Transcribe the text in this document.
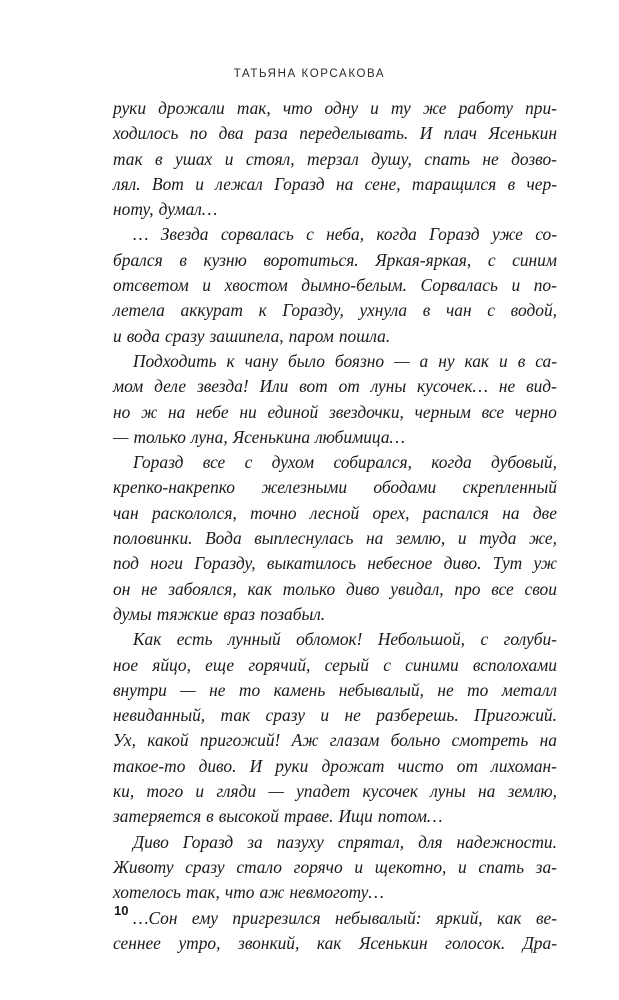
ТАТЬЯНА КОРСАКОВА
руки дрожали так, что одну и ту же работу при-
ходилось по два раза переделывать. И плач Ясенькин
так в ушах и стоял, терзал душу, спать не дозво-
лял. Вот и лежал Горазд на сене, таращился в чер-
ноту, думал…
… Звезда сорвалась с неба, когда Горазд уже со-
брался в кузню воротиться. Яркая-яркая, с синим
отсветом и хвостом дымно-белым. Сорвалась и по-
летела аккурат к Горазду, ухнула в чан с водой,
и вода сразу зашипела, паром пошла.
Подходить к чану было боязно — а ну как и в са-
мом деле звезда! Или вот от луны кусочек… не вид-
но ж на небе ни единой звездочки, черным все черно
— только луна, Ясенькина любимица…
Горазд все с духом собирался, когда дубовый,
крепко-накрепко железными ободами скрепленный
чан раскололся, точно лесной орех, распался на две
половинки. Вода выплеснулась на землю, и туда же,
под ноги Горазду, выкатилось небесное диво. Тут уж
он не забоялся, как только диво увидал, про все свои
думы тяжкие враз позабыл.
Как есть лунный обломок! Небольшой, с голуби-
ное яйцо, еще горячий, серый с синими всполохами
внутри — не то камень небывалый, не то металл
невиданный, так сразу и не разберешь. Пригожий.
Ух, какой пригожий! Аж глазам больно смотреть на
такое-то диво. И руки дрожат чисто от лихоман-
ки, того и гляди — упадет кусочек луны на землю,
затеряется в высокой траве. Ищи потом…
Диво Горазд за пазуху спрятал, для надежности.
Животу сразу стало горячо и щекотно, и спать за-
хотелось так, что аж невмоготу…
…Сон ему пригрезился небывалый: яркий, как ве-
сеннее утро, звонкий, как Ясенькин голосок. Дра-
10
